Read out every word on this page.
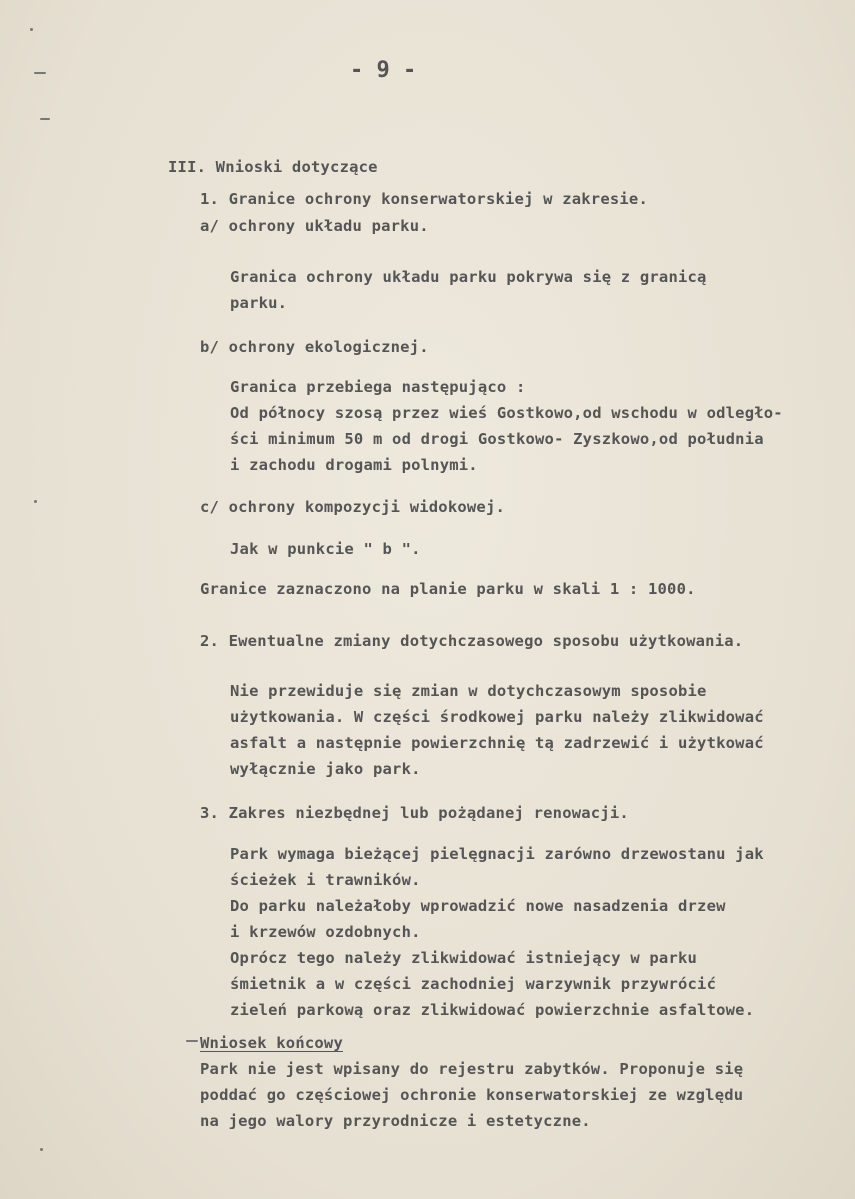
- 9 -
III. Wnioski dotyczące
1. Granice ochrony konserwatorskiej w zakresie.
a/ ochrony układu parku.
Granica ochrony układu parku pokrywa się z granicą
parku.
b/ ochrony ekologicznej.
Granica przebiega następująco :
Od północy szosą przez wieś Gostkowo,od wschodu w odległo-
ści minimum 50 m od drogi Gostkowo- Zyszkowo,od południa
i zachodu drogami polnymi.
c/ ochrony kompozycji widokowej.
Jak w punkcie " b ".
Granice zaznaczono na planie parku w skali 1 : 1000.
2. Ewentualne zmiany dotychczasowego sposobu użytkowania.
Nie przewiduje się zmian w dotychczasowym sposobie
użytkowania. W części środkowej parku należy zlikwidować
asfalt a następnie powierzchnię tą zadrzewić i użytkować
wyłącznie jako park.
3. Zakres niezbędnej lub pożądanej renowacji.
Park wymaga bieżącej pielęgnacji zarówno drzewostanu jak
ścieżek i trawników.
Do parku należałoby wprowadzić nowe nasadzenia drzew
i krzewów ozdobnych.
Oprócz tego należy zlikwidować istniejący w parku
śmietnik a w części zachodniej warzywnik przywrócić
zieleń parkową oraz zlikwidować powierzchnie asfaltowe.
Wniosek końcowy
Park nie jest wpisany do rejestru zabytków. Proponuje się
poddać go częściowej ochronie konserwatorskiej ze względu
na jego walory przyrodnicze i estetyczne.
